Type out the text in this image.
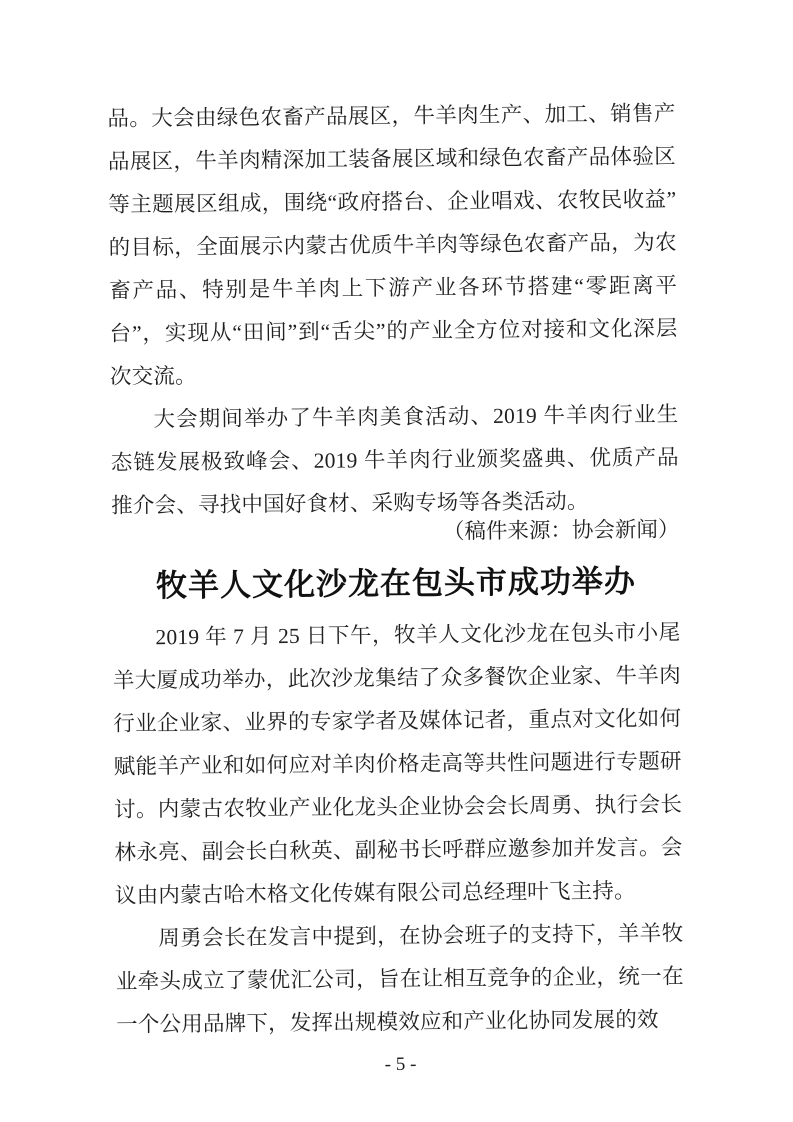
品。大会由绿色农畜产品展区，牛羊肉生产、加工、销售产品展区，牛羊肉精深加工装备展区域和绿色农畜产品体验区等主题展区组成，围绕“政府搭台、企业唱戏、农牧民收益”的目标，全面展示内蒙古优质牛羊肉等绿色农畜产品，为农畜产品、特别是牛羊肉上下游产业各环节搭建“零距离平台”，实现从“田间”到“舌尖”的产业全方位对接和文化深层次交流。

大会期间举办了牛羊肉美食活动、2019 牛羊肉行业生态链发展极致峰会、2019 牛羊肉行业颁奖盛典、优质产品推介会、寻找中国好食材、采购专场等各类活动。

（稿件来源：协会新闻）

牧羊人文化沙龙在包头市成功举办

2019 年 7 月 25 日下午，牧羊人文化沙龙在包头市小尾羊大厦成功举办，此次沙龙集结了众多餐饮企业家、牛羊肉行业企业家、业界的专家学者及媒体记者，重点对文化如何赋能羊产业和如何应对羊肉价格走高等共性问题进行专题研讨。内蒙古农牧业产业化龙头企业协会会长周勇、执行会长林永亮、副会长白秋英、副秘书长呼群应邀参加并发言。会议由内蒙古哈木格文化传媒有限公司总经理叶飞主持。

周勇会长在发言中提到，在协会班子的支持下，羊羊牧业牵头成立了蒙优汇公司，旨在让相互竞争的企业，统一在一个公用品牌下，发挥出规模效应和产业化协同发展的效

- 5 -
